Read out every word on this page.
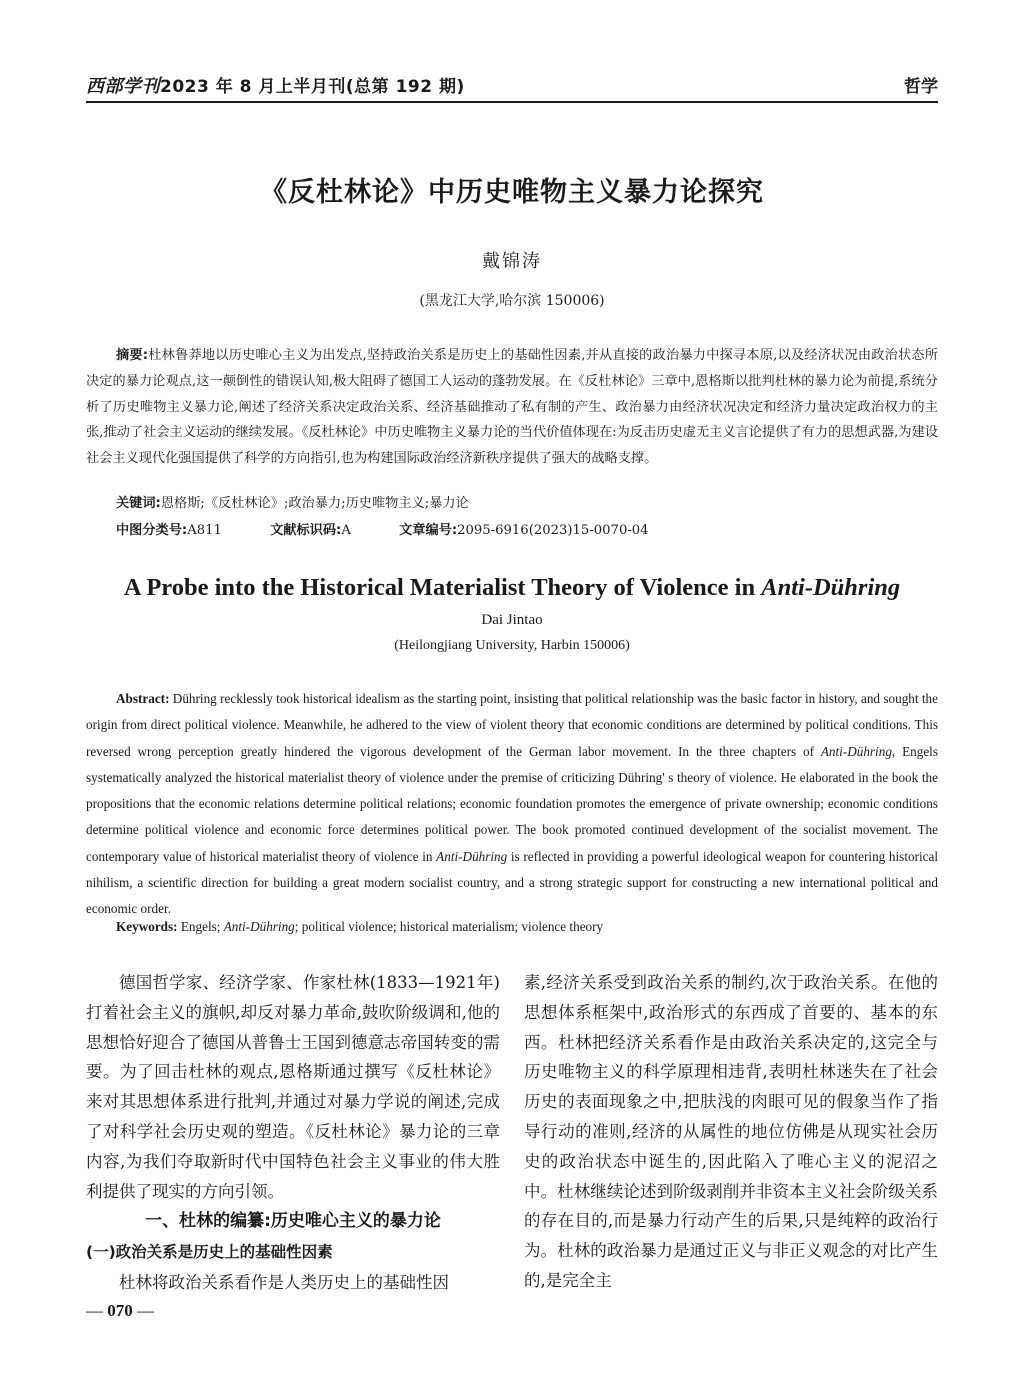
西部学刊2023 年 8 月上半月刊(总第 192 期)	哲学
《反杜林论》中历史唯物主义暴力论探究
戴锦涛
(黑龙江大学,哈尔滨 150006)
摘要:杜林鲁莽地以历史唯心主义为出发点,坚持政治关系是历史上的基础性因素,并从直接的政治暴力中探寻本原,以及经济状况由政治状态所决定的暴力论观点,这一颠倒性的错误认知,极大阻碍了德国工人运动的蓬勃发展。在《反杜林论》三章中,恩格斯以批判杜林的暴力论为前提,系统分析了历史唯物主义暴力论,阐述了经济关系决定政治关系、经济基础推动了私有制的产生、政治暴力由经济状况决定和经济力量决定政治权力的主张,推动了社会主义运动的继续发展。《反杜林论》中历史唯物主义暴力论的当代价值体现在:为反击历史虚无主义言论提供了有力的思想武器,为建设社会主义现代化强国提供了科学的方向指引,也为构建国际政治经济新秩序提供了强大的战略支撑。
关键词:恩格斯;《反杜林论》;政治暴力;历史唯物主义;暴力论
中图分类号:A811	文献标识码:A	文章编号:2095-6916(2023)15-0070-04
A Probe into the Historical Materialist Theory of Violence in Anti-Dühring
Dai Jintao
(Heilongjiang University, Harbin 150006)
Abstract: Dühring recklessly took historical idealism as the starting point, insisting that political relationship was the basic factor in history, and sought the origin from direct political violence. Meanwhile, he adhered to the view of violent theory that economic conditions are determined by political conditions. This reversed wrong perception greatly hindered the vigorous development of the German labor movement. In the three chapters of Anti-Dühring, Engels systematically analyzed the historical materialist theory of violence under the premise of criticizing Dühring' s theory of violence. He elaborated in the book the propositions that the economic relations determine political relations; economic foundation promotes the emergence of private ownership; economic conditions determine political violence and economic force determines political power. The book promoted continued development of the socialist movement. The contemporary value of historical materialist theory of violence in Anti-Dühring is reflected in providing a powerful ideological weapon for countering historical nihilism, a scientific direction for building a great modern socialist country, and a strong strategic support for constructing a new international political and economic order.
Keywords: Engels; Anti-Dühring; political violence; historical materialism; violence theory

德国哲学家、经济学家、作家杜林(1833—1921年)打着社会主义的旗帜,却反对暴力革命,鼓吹阶级调和,他的思想恰好迎合了德国从普鲁士王国到德意志帝国转变的需要。为了回击杜林的观点,恩格斯通过撰写《反杜林论》来对其思想体系进行批判,并通过对暴力学说的阐述,完成了对科学社会历史观的塑造。《反杜林论》暴力论的三章内容,为我们夺取新时代中国特色社会主义事业的伟大胜利提供了现实的方向引领。

一、杜林的编纂:历史唯心主义的暴力论

(一)政治关系是历史上的基础性因素

杜林将政治关系看作是人类历史上的基础性因

素,经济关系受到政治关系的制约,次于政治关系。在他的思想体系框架中,政治形式的东西成了首要的、基本的东西。杜林把经济关系看作是由政治关系决定的,这完全与历史唯物主义的科学原理相违背,表明杜林迷失在了社会历史的表面现象之中,把肤浅的肉眼可见的假象当作了指导行动的准则,经济的从属性的地位仿佛是从现实社会历史的政治状态中诞生的,因此陷入了唯心主义的泥沼之中。杜林继续论述到阶级剥削并非资本主义社会阶级关系的存在目的,而是暴力行动产生的后果,只是纯粹的政治行为。杜林的政治暴力是通过正义与非正义观念的对比产生的,是完全主

— 070 —
